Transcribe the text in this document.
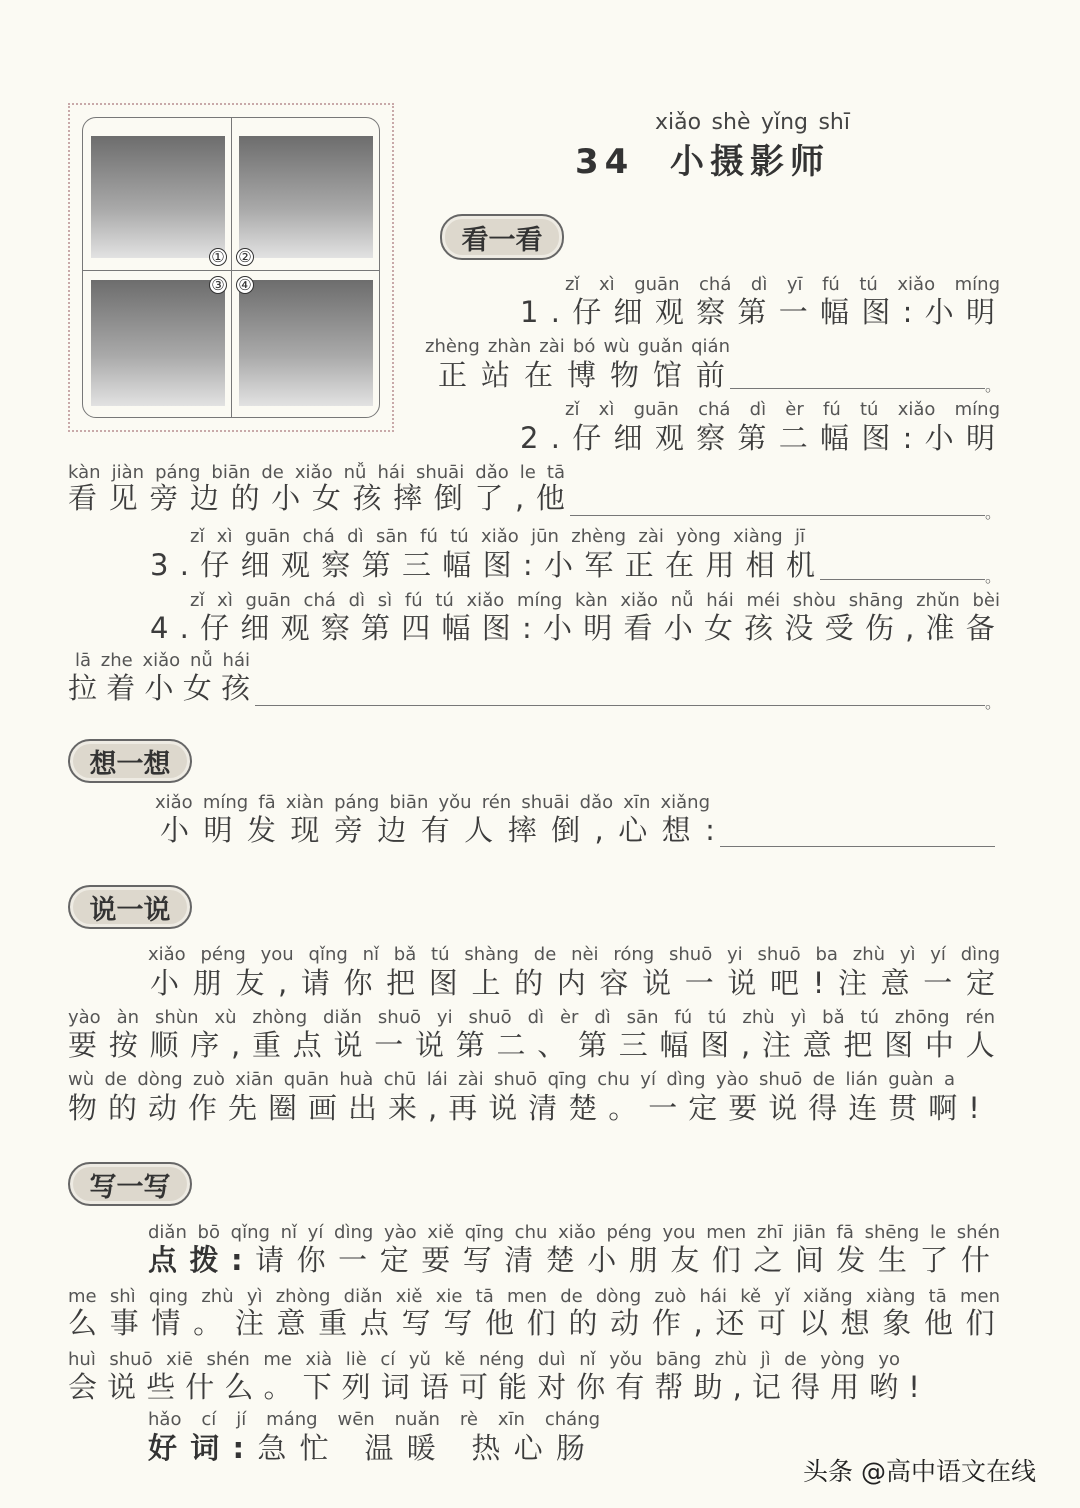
① ②
③ ④
xiǎo shè yǐng shī
34 小摄影师
看一看
zǐ xì guān chá dì yī fú tú xiǎo míng
1 . 仔 细 观 察 第 一 幅 图 : 小 明
zhèng zhàn zài bó wù guǎn qián
正 站 在 博 物 馆 前	。
zǐ xì guān chá dì èr fú tú xiǎo míng
2 . 仔 细 观 察 第 二 幅 图 : 小 明
kàn jiàn páng biān de xiǎo nǚ hái shuāi dǎo le tā
看 见 旁 边 的 小 女 孩 摔 倒 了 , 他	。
zǐ xì guān chá dì sān fú tú xiǎo jūn zhèng zài yòng xiàng jī
3 . 仔 细 观 察 第 三 幅 图 : 小 军 正 在 用 相 机	。
zǐ xì guān chá dì sì fú tú xiǎo míng kàn xiǎo nǚ hái méi shòu shāng zhǔn bèi
4 . 仔 细 观 察 第 四 幅 图 : 小 明 看 小 女 孩 没 受 伤 , 准 备
lā zhe xiǎo nǚ hái
拉 着 小 女 孩	。
想一想
xiǎo míng fā xiàn páng biān yǒu rén shuāi dǎo xīn xiǎng
小 明 发 现 旁 边 有 人 摔 倒 , 心 想 :
说一说
xiǎo péng you qǐng nǐ bǎ tú shàng de nèi róng shuō yi shuō ba zhù yì yí dìng
小 朋 友 , 请 你 把 图 上 的 内 容 说 一 说 吧 ! 注 意 一 定
yào àn shùn xù zhòng diǎn shuō yi shuō dì èr dì sān fú tú zhù yì bǎ tú zhōng rén
要 按 顺 序 , 重 点 说 一 说 第 二 、 第 三 幅 图 , 注 意 把 图 中 人
wù de dòng zuò xiān quān huà chū lái zài shuō qīng chu yí dìng yào shuō de lián guàn a
物 的 动 作 先 圈 画 出 来 , 再 说 清 楚 。 一 定 要 说 得 连 贯 啊 !
写一写
diǎn bō qǐng nǐ yí dìng yào xiě qīng chu xiǎo péng you men zhī jiān fā shēng le shén
点 拨 : 请 你 一 定 要 写 清 楚 小 朋 友 们 之 间 发 生 了 什
me shì qing zhù yì zhòng diǎn xiě xie tā men de dòng zuò hái kě yǐ xiǎng xiàng tā men
么 事 情 。 注 意 重 点 写 写 他 们 的 动 作 , 还 可 以 想 象 他 们
huì shuō xiē shén me xià liè cí yǔ kě néng duì nǐ yǒu bāng zhù jì de yòng yo
会 说 些 什 么 。 下 列 词 语 可 能 对 你 有 帮 助 , 记 得 用 哟 !
hǎo cí jí máng wēn nuǎn rè xīn cháng
好 词 : 急 忙
温 暖
热 心 肠
头条 @高中语文在线
